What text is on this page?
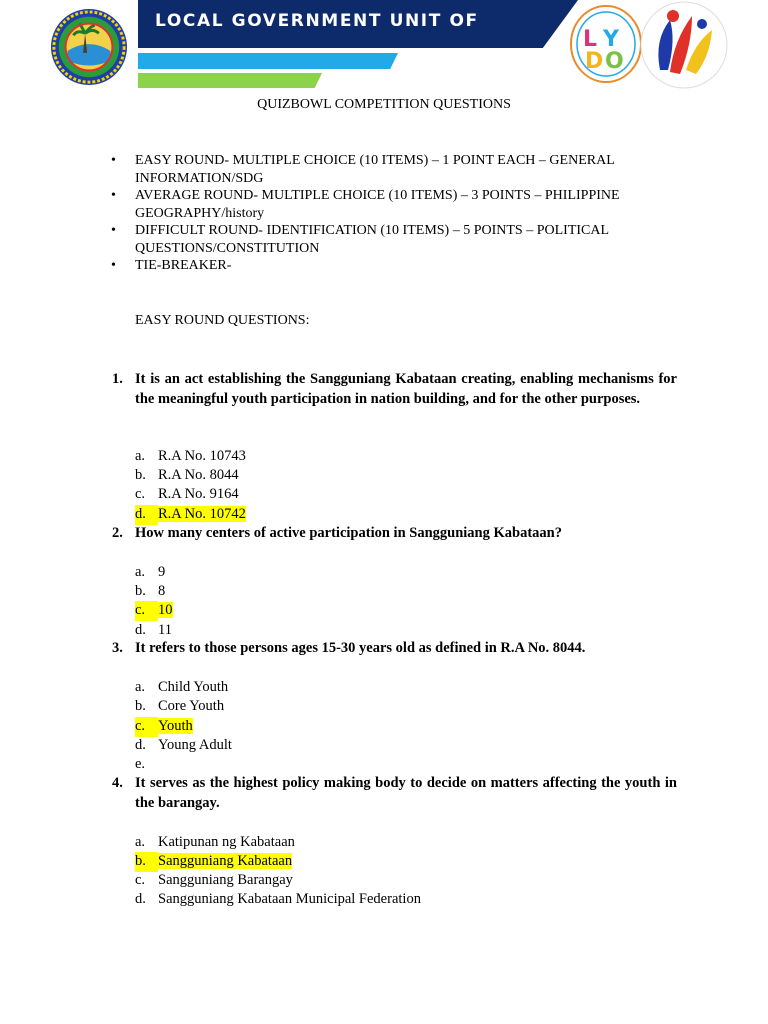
LOCAL GOVERNMENT UNIT OF
L Y
D O
QUIZBOWL COMPETITION QUESTIONS
• EASY ROUND- MULTIPLE CHOICE (10 ITEMS) – 1 POINT EACH – GENERAL INFORMATION/SDG
• AVERAGE ROUND- MULTIPLE CHOICE (10 ITEMS) – 3 POINTS – PHILIPPINE GEOGRAPHY/history
• DIFFICULT ROUND- IDENTIFICATION (10 ITEMS) – 5 POINTS – POLITICAL QUESTIONS/CONSTITUTION
• TIE-BREAKER-
EASY ROUND QUESTIONS:
1. It is an act establishing the Sangguniang Kabataan creating, enabling mechanisms for the meaningful youth participation in nation building, and for the other purposes.
a. R.A No. 10743
b. R.A No. 8044
c. R.A No. 9164
d. R.A No. 10742
2. How many centers of active participation in Sangguniang Kabataan?
a. 9
b. 8
c. 10
d. 11
3. It refers to those persons ages 15-30 years old as defined in R.A No. 8044.
a. Child Youth
b. Core Youth
c. Youth
d. Young Adult
e.
4. It serves as the highest policy making body to decide on matters affecting the youth in the barangay.
a. Katipunan ng Kabataan
b. Sangguniang Kabataan
c. Sangguniang Barangay
d. Sangguniang Kabataan Municipal Federation
